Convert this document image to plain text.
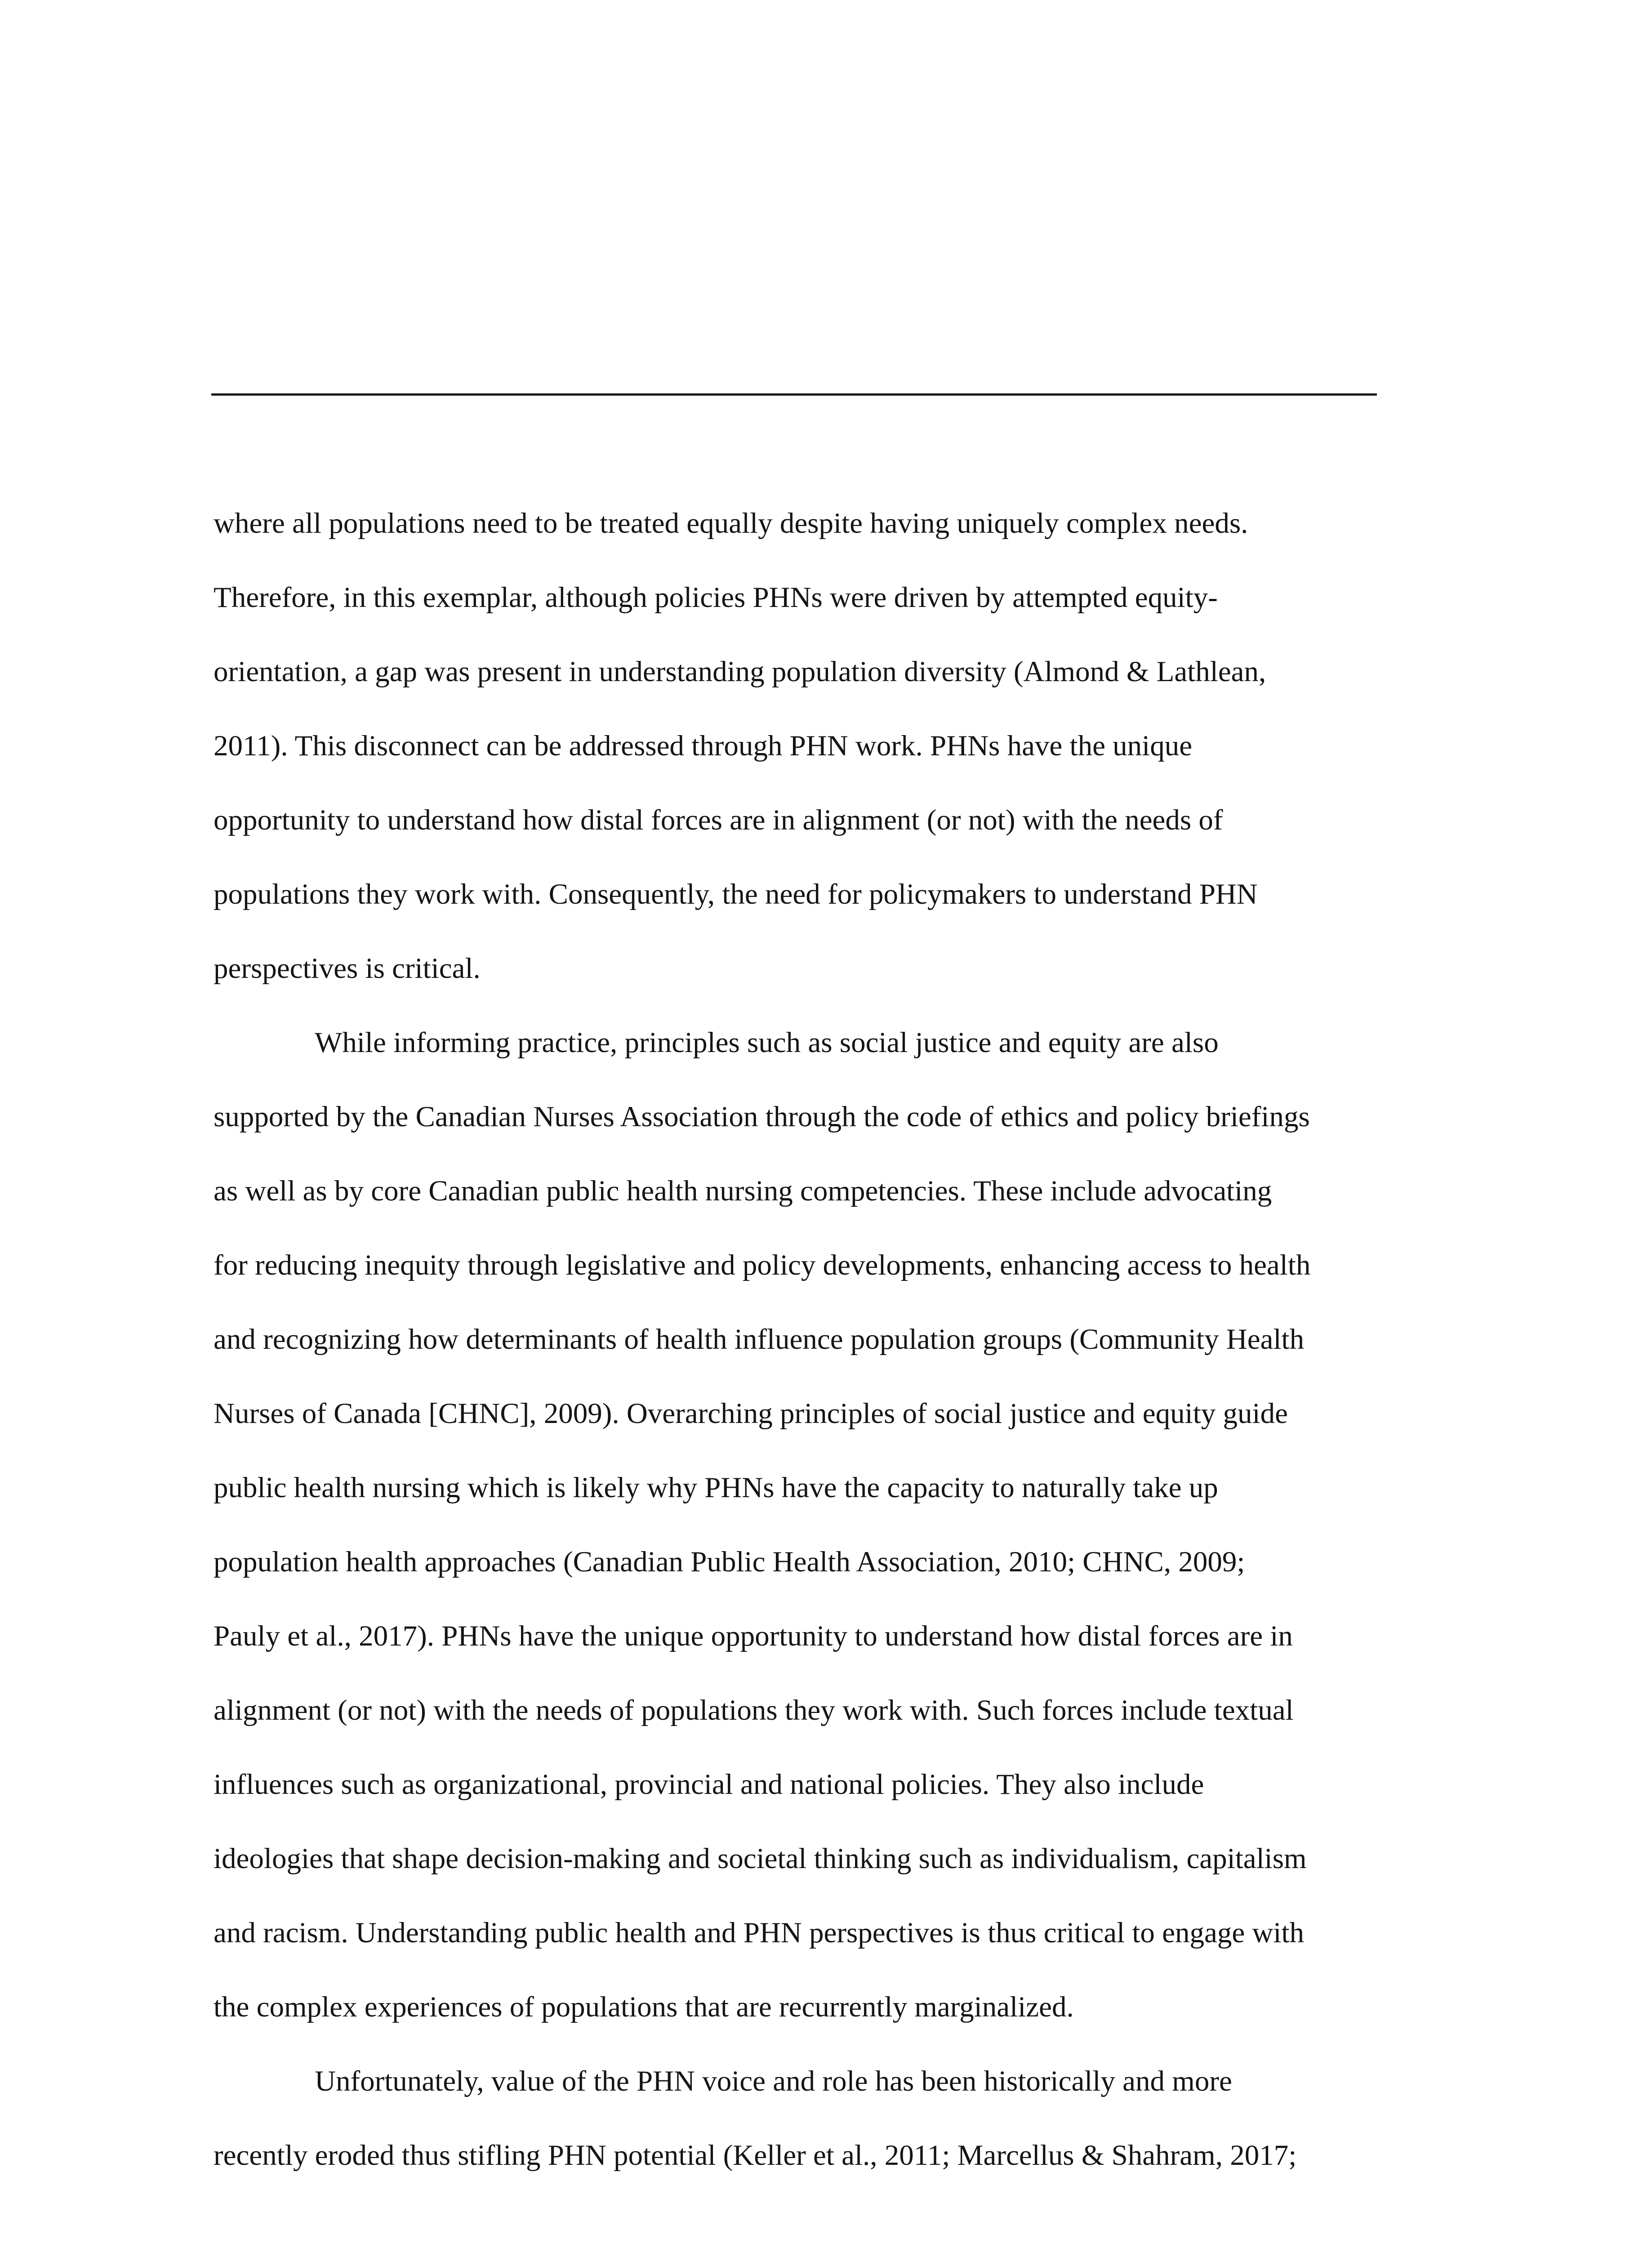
where all populations need to be treated equally despite having uniquely complex needs.
Therefore, in this exemplar, although policies PHNs were driven by attempted equity-
orientation, a gap was present in understanding population diversity (Almond & Lathlean,
2011). This disconnect can be addressed through PHN work. PHNs have the unique
opportunity to understand how distal forces are in alignment (or not) with the needs of
populations they work with. Consequently, the need for policymakers to understand PHN
perspectives is critical.
While informing practice, principles such as social justice and equity are also
supported by the Canadian Nurses Association through the code of ethics and policy briefings
as well as by core Canadian public health nursing competencies. These include advocating
for reducing inequity through legislative and policy developments, enhancing access to health
and recognizing how determinants of health influence population groups (Community Health
Nurses of Canada [CHNC], 2009). Overarching principles of social justice and equity guide
public health nursing which is likely why PHNs have the capacity to naturally take up
population health approaches (Canadian Public Health Association, 2010; CHNC, 2009;
Pauly et al., 2017). PHNs have the unique opportunity to understand how distal forces are in
alignment (or not) with the needs of populations they work with. Such forces include textual
influences such as organizational, provincial and national policies. They also include
ideologies that shape decision-making and societal thinking such as individualism, capitalism
and racism. Understanding public health and PHN perspectives is thus critical to engage with
the complex experiences of populations that are recurrently marginalized.
Unfortunately, value of the PHN voice and role has been historically and more
recently eroded thus stifling PHN potential (Keller et al., 2011; Marcellus & Shahram, 2017;
